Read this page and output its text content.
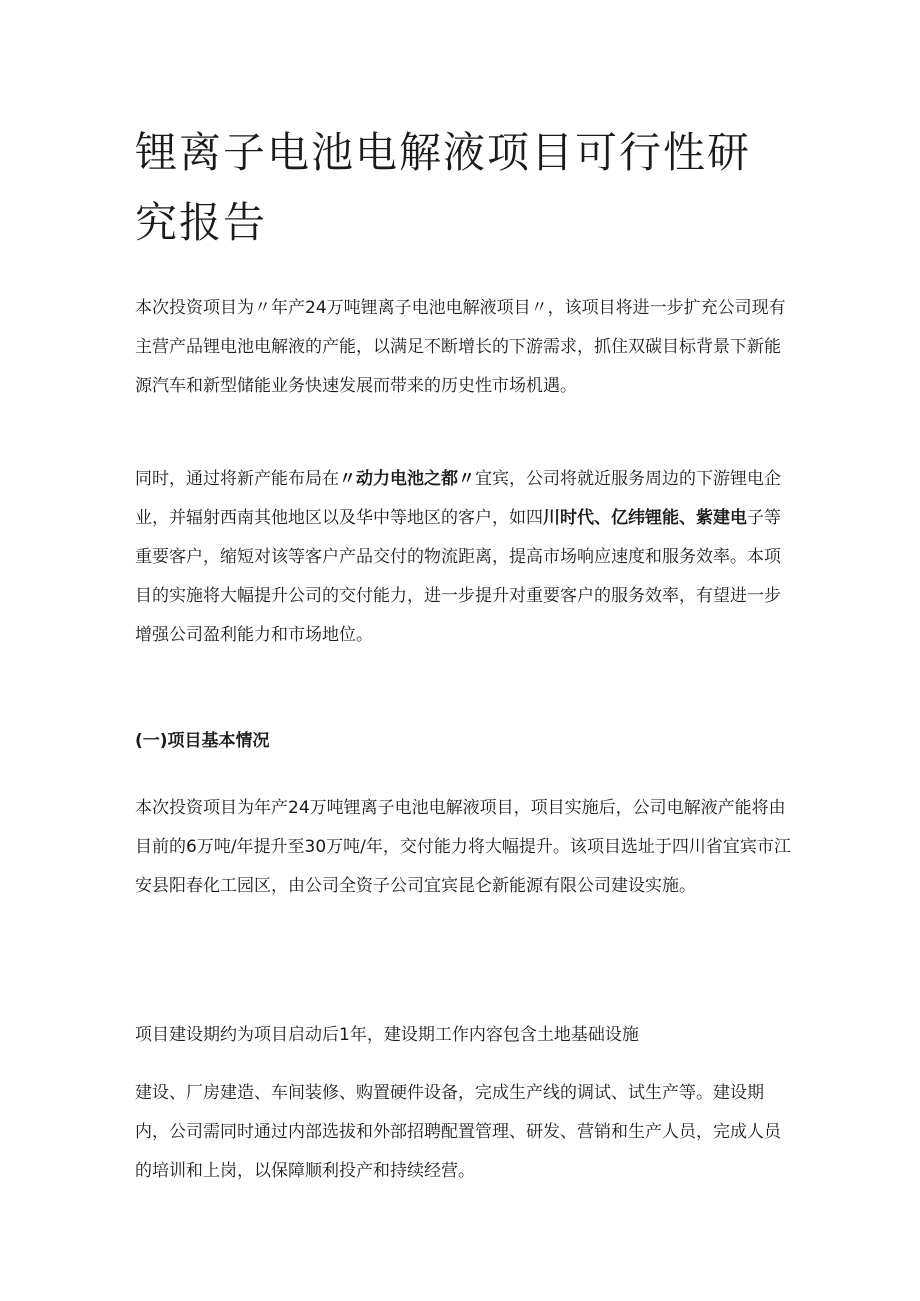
锂离子电池电解液项目可行性研究报告

本次投资项目为〃年产24万吨锂离子电池电解液项目〃，该项目将进一步扩充公司现有主营产品锂电池电解液的产能，以满足不断增长的下游需求，抓住双碳目标背景下新能源汽车和新型储能业务快速发展而带来的历史性市场机遇。

同时，通过将新产能布局在〃动力电池之都〃宜宾，公司将就近服务周边的下游锂电企业，并辐射西南其他地区以及华中等地区的客户，如四川时代、亿纬锂能、紫建电子等重要客户，缩短对该等客户产品交付的物流距离，提高市场响应速度和服务效率。本项目的实施将大幅提升公司的交付能力，进一步提升对重要客户的服务效率，有望进一步增强公司盈利能力和市场地位。

(一)项目基本情况

本次投资项目为年产24万吨锂离子电池电解液项目，项目实施后，公司电解液产能将由目前的6万吨/年提升至30万吨/年，交付能力将大幅提升。该项目选址于四川省宜宾市江安县阳春化工园区，由公司全资子公司宜宾昆仑新能源有限公司建设实施。

项目建设期约为项目启动后1年，建设期工作内容包含土地基础设施

建设、厂房建造、车间装修、购置硬件设备，完成生产线的调试、试生产等。建设期内，公司需同时通过内部选拔和外部招聘配置管理、研发、营销和生产人员，完成人员的培训和上岗，以保障顺利投产和持续经营。
